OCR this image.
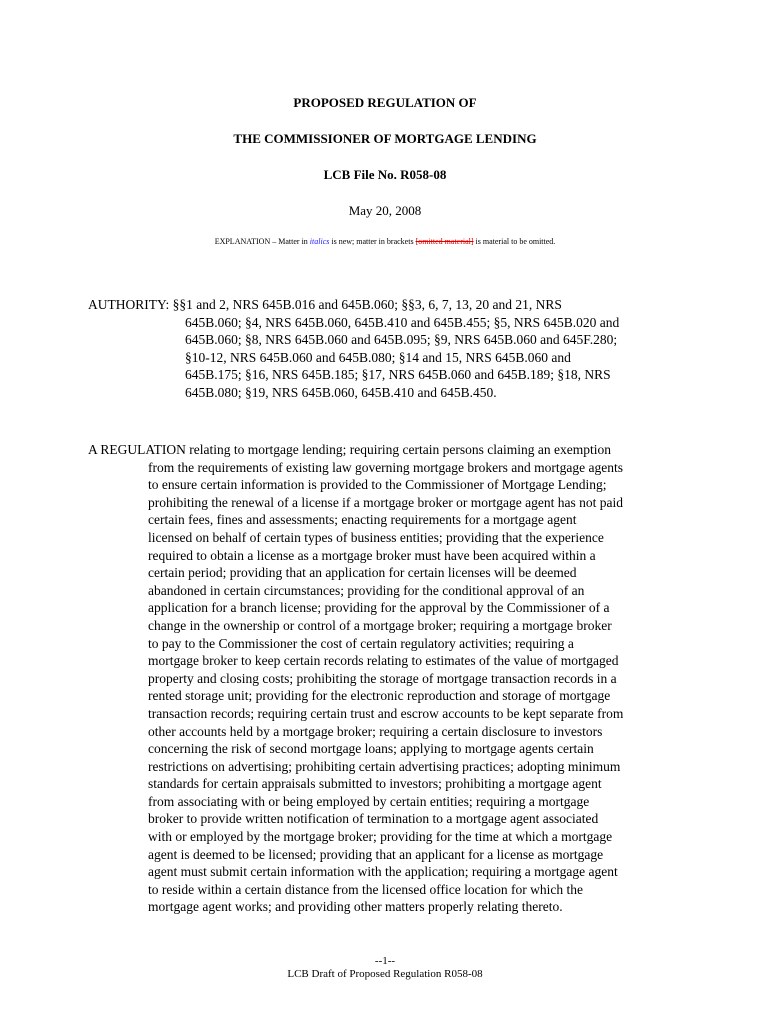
PROPOSED REGULATION OF
THE COMMISSIONER OF MORTGAGE LENDING
LCB File No. R058-08
May 20, 2008
EXPLANATION – Matter in italics is new; matter in brackets [omitted material] is material to be omitted.
AUTHORITY: §§1 and 2, NRS 645B.016 and 645B.060; §§3, 6, 7, 13, 20 and 21, NRS
645B.060; §4, NRS 645B.060, 645B.410 and 645B.455; §5, NRS 645B.020 and
645B.060; §8, NRS 645B.060 and 645B.095; §9, NRS 645B.060 and 645F.280;
§10-12, NRS 645B.060 and 645B.080; §14 and 15, NRS 645B.060 and
645B.175; §16, NRS 645B.185; §17, NRS 645B.060 and 645B.189; §18, NRS
645B.080; §19, NRS 645B.060, 645B.410 and 645B.450.
A REGULATION relating to mortgage lending; requiring certain persons claiming an exemption
from the requirements of existing law governing mortgage brokers and mortgage agents
to ensure certain information is provided to the Commissioner of Mortgage Lending;
prohibiting the renewal of a license if a mortgage broker or mortgage agent has not paid
certain fees, fines and assessments; enacting requirements for a mortgage agent
licensed on behalf of certain types of business entities; providing that the experience
required to obtain a license as a mortgage broker must have been acquired within a
certain period; providing that an application for certain licenses will be deemed
abandoned in certain circumstances; providing for the conditional approval of an
application for a branch license; providing for the approval by the Commissioner of a
change in the ownership or control of a mortgage broker; requiring a mortgage broker
to pay to the Commissioner the cost of certain regulatory activities; requiring a
mortgage broker to keep certain records relating to estimates of the value of mortgaged
property and closing costs; prohibiting the storage of mortgage transaction records in a
rented storage unit; providing for the electronic reproduction and storage of mortgage
transaction records; requiring certain trust and escrow accounts to be kept separate from
other accounts held by a mortgage broker; requiring a certain disclosure to investors
concerning the risk of second mortgage loans; applying to mortgage agents certain
restrictions on advertising; prohibiting certain advertising practices; adopting minimum
standards for certain appraisals submitted to investors; prohibiting a mortgage agent
from associating with or being employed by certain entities; requiring a mortgage
broker to provide written notification of termination to a mortgage agent associated
with or employed by the mortgage broker; providing for the time at which a mortgage
agent is deemed to be licensed; providing that an applicant for a license as mortgage
agent must submit certain information with the application; requiring a mortgage agent
to reside within a certain distance from the licensed office location for which the
mortgage agent works; and providing other matters properly relating thereto.
--1--
LCB Draft of Proposed Regulation R058-08
